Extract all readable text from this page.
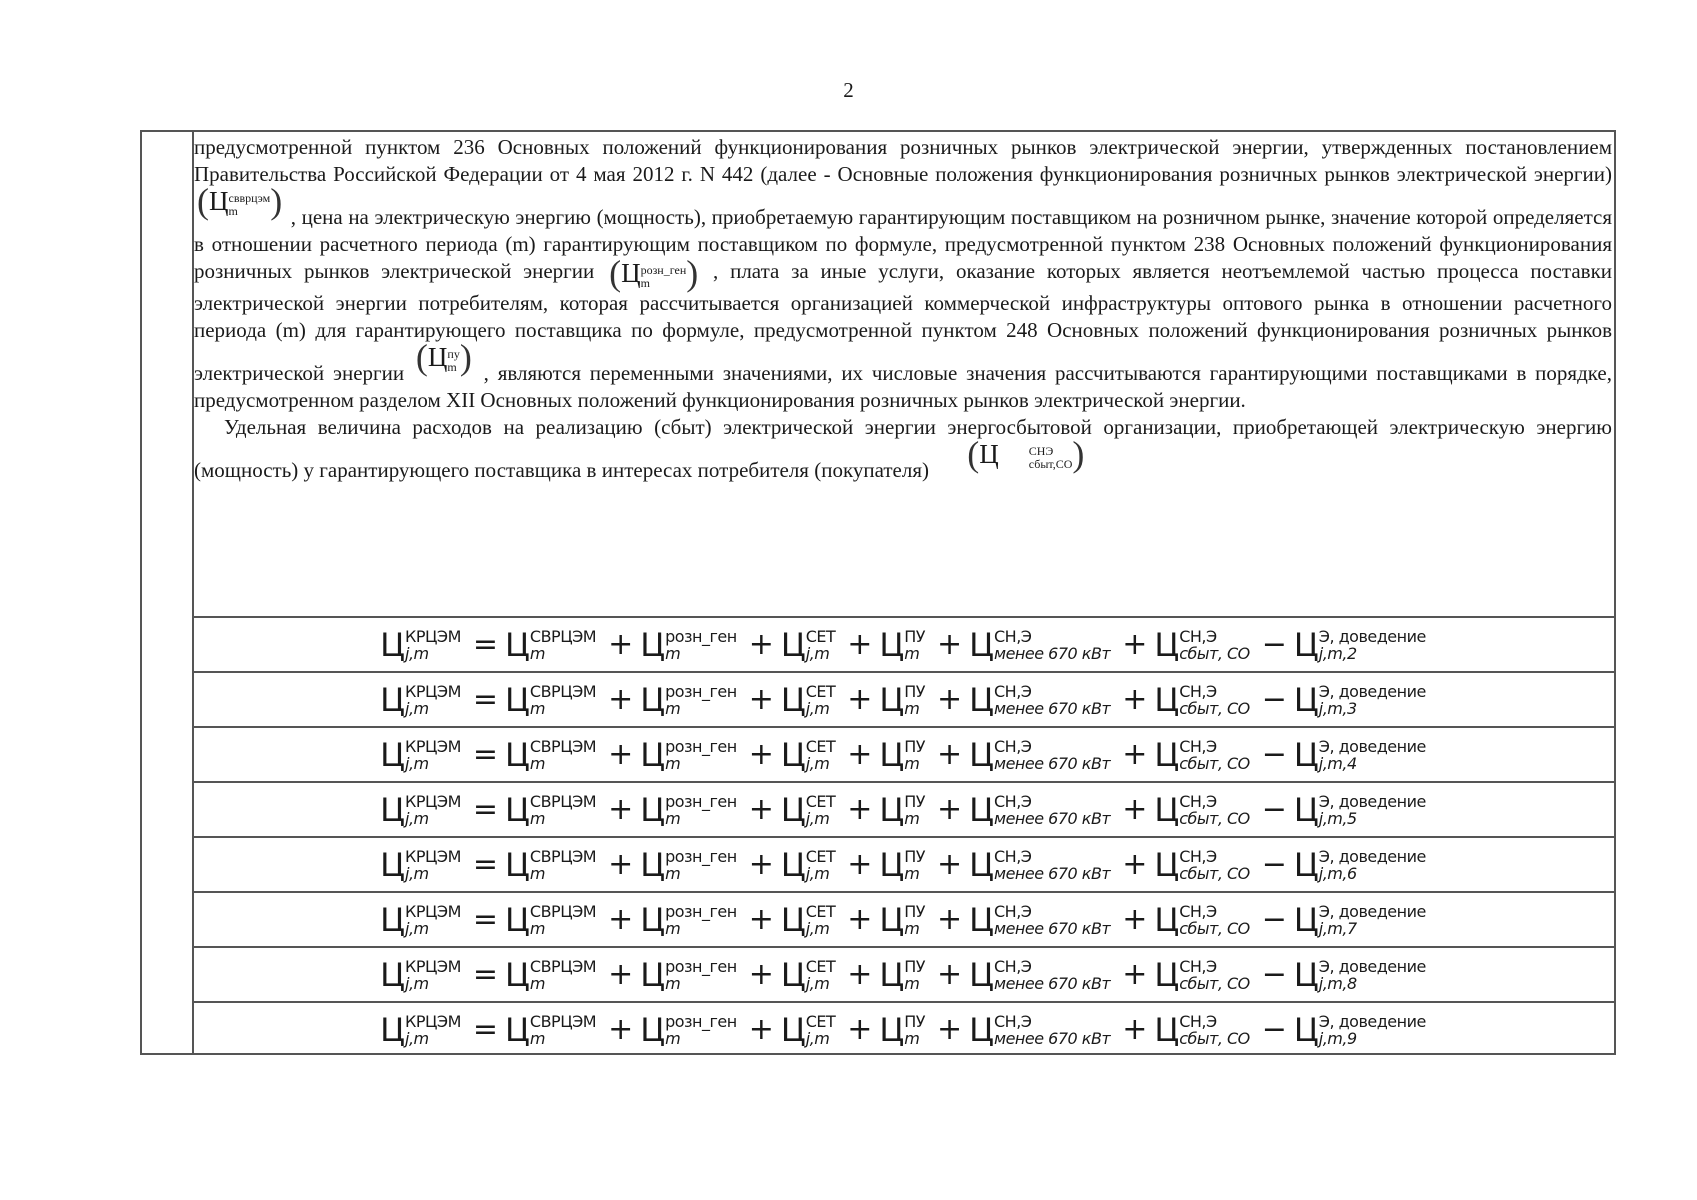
2

предусмотренной пунктом 236 Основных положений функционирования розничных рынков электрической энергии, утвержденных постановлением Правительства Российской Федерации от 4 мая 2012 г. N 442 (далее - Основные положения функционирования розничных рынков электрической энергии) (Ц свврцэм
m ) , цена на электрическую энергию (мощность), приобретаемую гарантирующим поставщиком на розничном рынке, значение которой определяется в отношении расчетного периода (m) гарантирующим поставщиком по формуле, предусмотренной пунктом 238 Основных положений функционирования розничных рынков электрической энергии (Ц розн_ген
m	) , плата за иные услуги, оказание которых является неотъемлемой частью процесса поставки электрической энергии потребителям, которая рассчитывается организацией коммерческой инфраструктуры оптового рынка в отношении расчетного периода (m) для гарантирующего поставщика по формуле, предусмотренной пунктом 248 Основных положений функционирования розничных рынков электрической энергии (Ц пу
m ) , являются переменными значениями, их числовые значения рассчитываются гарантирующими поставщиками в порядке, предусмотренном разделом XII Основных положений функционирования розничных рынков электрической энергии.

Удельная величина расходов на реализацию (сбыт) электрической энергии энергосбытовой организации, приобретающей электрическую энергию (мощность) у гарантирующего поставщика в интересах потребителя (покупателя) (Ц	СНЭ
сбыт,СО )

Ц КРЦЭМ
j,m	= Ц СВРЦЭМ
m	+ Ц розн_ген
m	+ Ц СЕТ
j,m + Ц ПУ
m + Ц СН,Э
менее 670 кВт + Ц СН,Э
сбыт, СО − Ц Э, доведение
j,m,2
Ц КРЦЭМ
j,m	= Ц СВРЦЭМ
m	+ Ц розн_ген
m	+ Ц СЕТ
j,m + Ц ПУ
m + Ц СН,Э
менее 670 кВт + Ц СН,Э
сбыт, СО − Ц Э, доведение
j,m,3
Ц КРЦЭМ
j,m	= Ц СВРЦЭМ
m	+ Ц розн_ген
m	+ Ц СЕТ
j,m + Ц ПУ
m + Ц СН,Э
менее 670 кВт + Ц СН,Э
сбыт, СО − Ц Э, доведение
j,m,4
Ц КРЦЭМ
j,m	= Ц СВРЦЭМ
m	+ Ц розн_ген
m	+ Ц СЕТ
j,m + Ц ПУ
m + Ц СН,Э
менее 670 кВт + Ц СН,Э
сбыт, СО − Ц Э, доведение
j,m,5
Ц КРЦЭМ
j,m	= Ц СВРЦЭМ
m	+ Ц розн_ген
m	+ Ц СЕТ
j,m + Ц ПУ
m + Ц СН,Э
менее 670 кВт + Ц СН,Э
сбыт, СО − Ц Э, доведение
j,m,6
Ц КРЦЭМ
j,m	= Ц СВРЦЭМ
m	+ Ц розн_ген
m	+ Ц СЕТ
j,m + Ц ПУ
m + Ц СН,Э
менее 670 кВт + Ц СН,Э
сбыт, СО − Ц Э, доведение
j,m,7
Ц КРЦЭМ
j,m	= Ц СВРЦЭМ
m	+ Ц розн_ген
m	+ Ц СЕТ
j,m + Ц ПУ
m + Ц СН,Э
менее 670 кВт + Ц СН,Э
сбыт, СО − Ц Э, доведение
j,m,8
Ц КРЦЭМ
j,m	= Ц СВРЦЭМ
m	+ Ц розн_ген
m	+ Ц СЕТ
j,m + Ц ПУ
m + Ц СН,Э
менее 670 кВт + Ц СН,Э
сбыт, СО − Ц Э, доведение
j,m,9
